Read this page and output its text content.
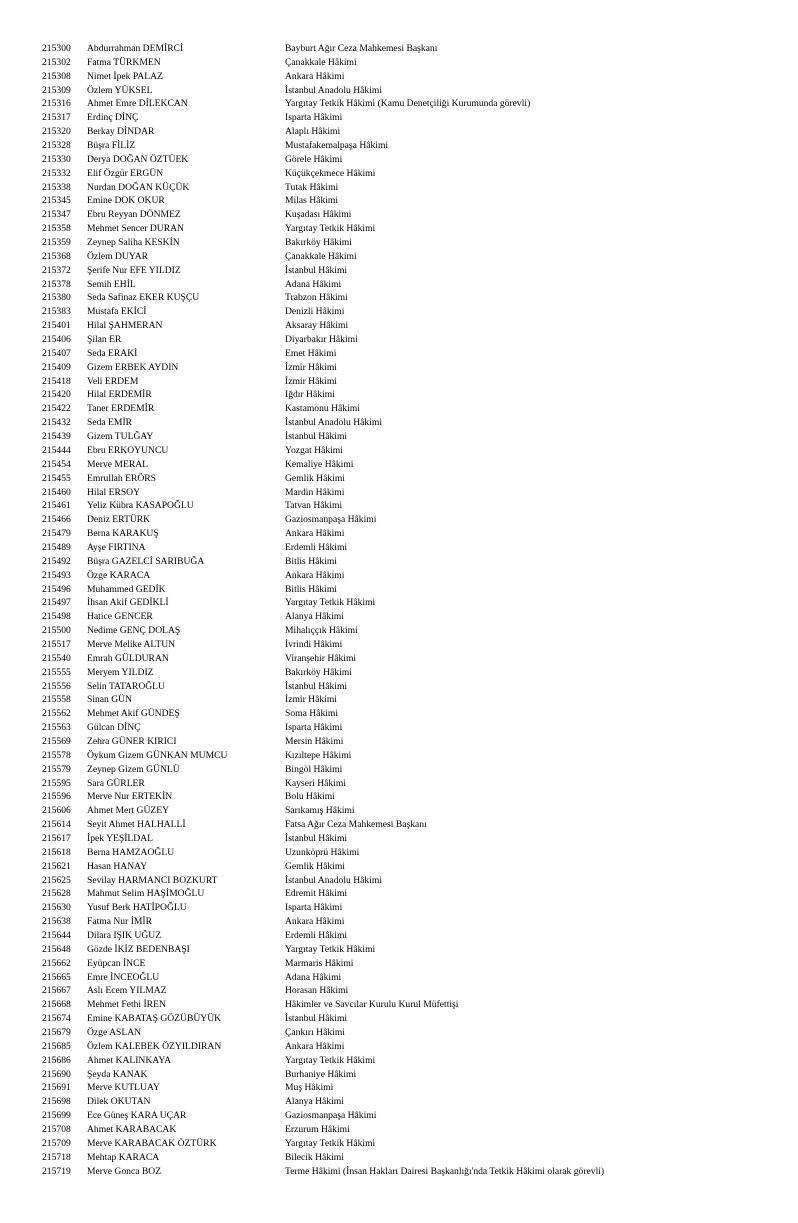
215300	Abdurrahman DEMİRCİ	Bayburt Ağır Ceza Mahkemesi Başkanı
215302	Fatma TÜRKMEN	Çanakkale Hâkimi
215308	Nimet İpek PALAZ	Ankara Hâkimi
215309	Özlem YÜKSEL	İstanbul Anadolu Hâkimi
215316	Ahmet Emre DİLEKCAN	Yargıtay Tetkik Hâkimi (Kamu Denetçiliği Kurumunda görevli)
215317	Erdinç DİNÇ	Isparta Hâkimi
215320	Berkay DİNDAR	Alaplı Hâkimi
215328	Büşra FİLİZ	Mustafakemalpaşa Hâkimi
215330	Derya DOĞAN ÖZTÜEK	Görele Hâkimi
215332	Elif Özgür ERGÜN	Küçükçekmece Hâkimi
215338	Nurdan DOĞAN KÜÇÜK	Tutak Hâkimi
215345	Emine DOK OKUR	Milas Hâkimi
215347	Ebru Reyyan DÖNMEZ	Kuşadası Hâkimi
215358	Mehmet Sencer DURAN	Yargıtay Tetkik Hâkimi
215359	Zeynep Saliha KESKİN	Bakırköy Hâkimi
215368	Özlem DUYAR	Çanakkale Hâkimi
215372	Şerife Nur EFE YILDIZ	İstanbul Hâkimi
215378	Semih EHİL	Adana Hâkimi
215380	Seda Safinaz EKER KUŞÇU	Trabzon Hâkimi
215383	Mustafa EKİCİ	Denizli Hâkimi
215401	Hilal ŞAHMERAN	Aksaray Hâkimi
215406	Şilan ER	Diyarbakır Hâkimi
215407	Seda ERAKİ	Emet Hâkimi
215409	Gizem ERBEK AYDIN	İzmir Hâkimi
215418	Veli ERDEM	İzmir Hâkimi
215420	Hilal ERDEMİR	Iğdır Hâkimi
215422	Taner ERDEMİR	Kastamonu Hâkimi
215432	Seda EMİR	İstanbul Anadolu Hâkimi
215439	Gizem TULĞAY	İstanbul Hâkimi
215444	Ebru ERKOYUNCU	Yozgat Hâkimi
215454	Merve MERAL	Kemaliye Hâkimi
215455	Emrullah ERÖRS	Gemlik Hâkimi
215460	Hilal ERSOY	Mardin Hâkimi
215461	Yeliz Kübra KASAPOĞLU	Tatvan Hâkimi
215466	Deniz ERTÜRK	Gaziosmanpaşa Hâkimi
215479	Berna KARAKUŞ	Ankara Hâkimi
215489	Ayşe FIRTINA	Erdemli Hâkimi
215492	Büşra GAZELCİ SARIBUĞA	Bitlis Hâkimi
215493	Özge KARACA	Ankara Hâkimi
215496	Muhammed GEDİK	Bitlis Hâkimi
215497	İhsan Akif GEDİKLİ	Yargıtay Tetkik Hâkimi
215498	Hatice GENCER	Alanya Hâkimi
215500	Nedime GENÇ DOLAŞ	Mihalıççık Hâkimi
215517	Merve Melike ALTUN	İvrindi Hâkimi
215540	Emrah GÜLDURAN	Viranşehir Hâkimi
215555	Meryem YILDIZ	Bakırköy Hâkimi
215556	Selin TATAROĞLU	İstanbul Hâkimi
215558	Sinan GÜN	İzmir Hâkimi
215562	Mehmet Akif GÜNDEŞ	Soma Hâkimi
215563	Gülcan DİNÇ	Isparta Hâkimi
215569	Zehra GÜNER KIRICI	Mersin Hâkimi
215578	Öykum Gizem GÜNKAN MUMCU	Kızıltepe Hâkimi
215579	Zeynep Gizem GÜNLÜ	Bingöl Hâkimi
215595	Sara GÜRLER	Kayseri Hâkimi
215596	Merve Nur ERTEKİN	Bolu Hâkimi
215606	Ahmet Mert GÜZEY	Sarıkamış Hâkimi
215614	Seyit Ahmet HALHALLİ	Fatsa Ağır Ceza Mahkemesi Başkanı
215617	İpek YEŞİLDAL	İstanbul Hâkimi
215618	Berna HAMZAOĞLU	Uzunköprü Hâkimi
215621	Hasan HANAY	Gemlik Hâkimi
215625	Sevilay HARMANCI BOZKURT	İstanbul Anadolu Hâkimi
215628	Mahmut Selim HAŞİMOĞLU	Edremit Hâkimi
215630	Yusuf Berk HATİPOĞLU	Isparta Hâkimi
215638	Fatma Nur İMİR	Ankara Hâkimi
215644	Dilara IŞIK UĞUZ	Erdemli Hâkimi
215648	Gözde İKİZ BEDENBAŞI	Yargıtay Tetkik Hâkimi
215662	Eyüpcan İNCE	Marmaris Hâkimi
215665	Emre İNCEOĞLU	Adana Hâkimi
215667	Aslı Ecem YILMAZ	Horasan Hâkimi
215668	Mehmet Fethi İREN	Hâkimler ve Savcılar Kurulu Kurul Müfettişi
215674	Emine KABATAŞ GÖZÜBÜYÜK	İstanbul Hâkimi
215679	Özge ASLAN	Çankırı Hâkimi
215685	Özlem KALEBEK ÖZYILDIRAN	Ankara Hâkimi
215686	Ahmet KALINKAYA	Yargıtay Tetkik Hâkimi
215690	Şeyda KANAK	Burhaniye Hâkimi
215691	Merve KUTLUAY	Muş Hâkimi
215698	Dilek OKUTAN	Alanya Hâkimi
215699	Ece Güneş KARA UÇAR	Gaziosmanpaşa Hâkimi
215708	Ahmet KARABACAK	Erzurum Hâkimi
215709	Merve KARABACAK ÖZTÜRK	Yargıtay Tetkik Hâkimi
215718	Mehtap KARACA	Bilecik Hâkimi
215719	Merve Gonca BOZ	Terme Hâkimi (İnsan Hakları Dairesi Başkanlığı'nda Tetkik Hâkimi olarak görevli)
